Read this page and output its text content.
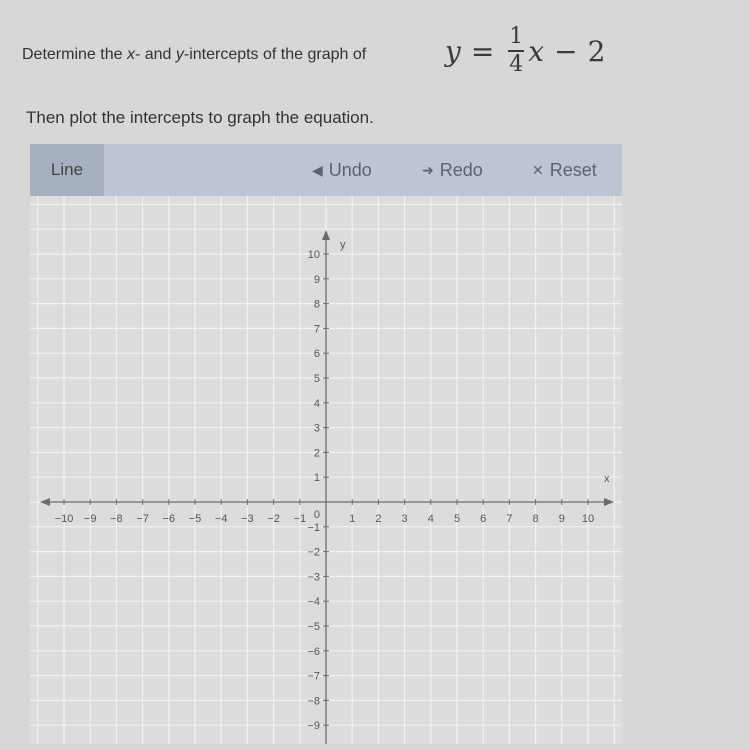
Determine the x- and y-intercepts of the graph of	$y = \frac{1}{4}$ x − 2
Then plot the intercepts to graph the equation.
Line	◀ Undo	➜ Redo	✕ Reset
x
y
−10 −9 −8 −7 −6 −5 −4 −3 −2 −1	1 2 3 4 5 6 7 8 9 10
1
2
3
4
5
6
7
8
9
10
−1
−2
−3
−4
−5
−6
−7
−8
−9
0
